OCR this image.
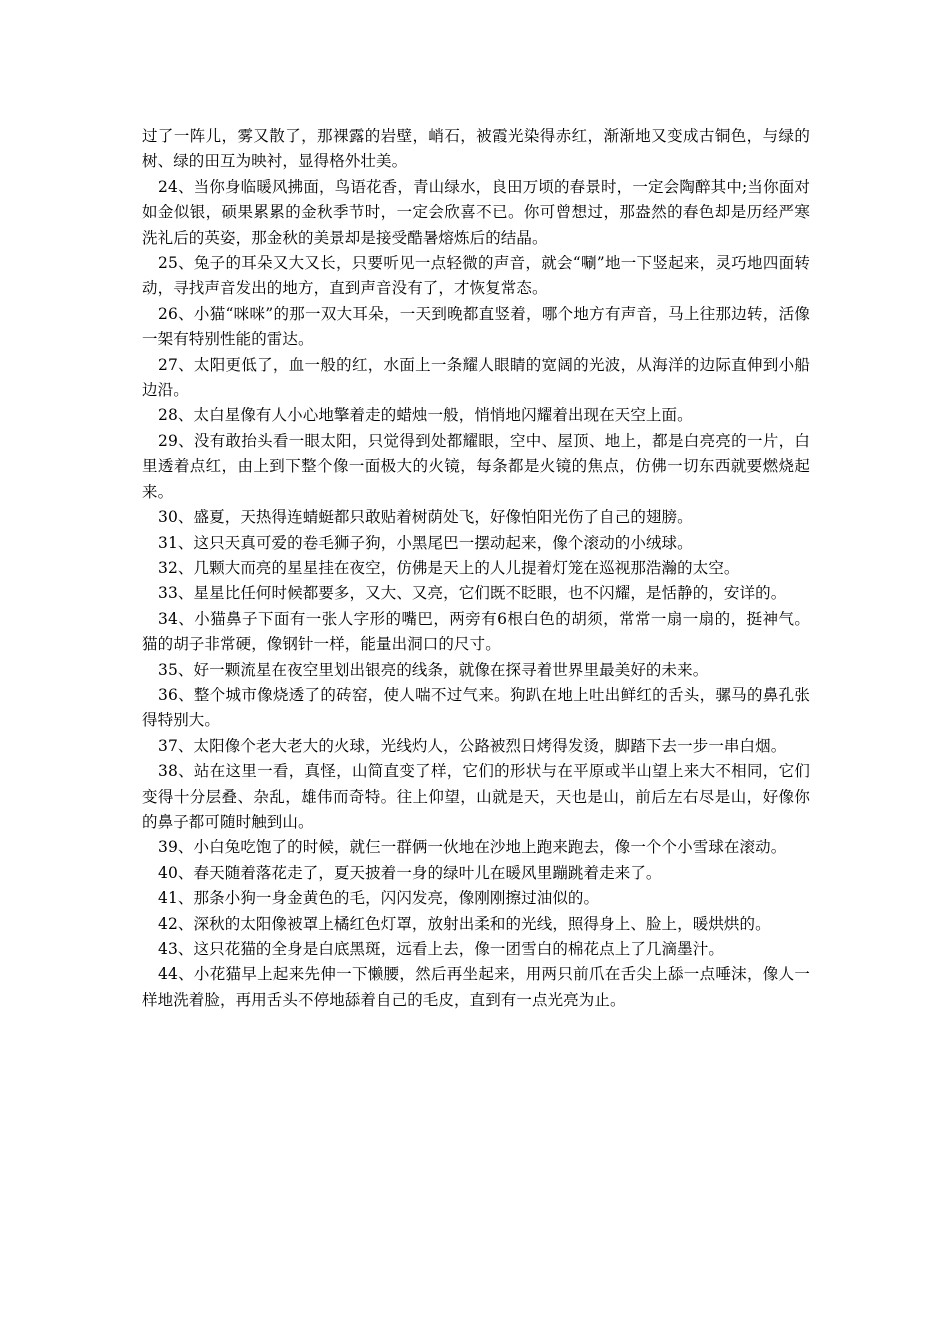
过了一阵儿，雾又散了，那裸露的岩壁，峭石，被霞光染得赤红，渐渐地又变成古铜色，与绿的树、绿的田互为映衬，显得格外壮美。

24、当你身临暖风拂面，鸟语花香，青山绿水，良田万顷的春景时，一定会陶醉其中;当你面对如金似银，硕果累累的金秋季节时，一定会欣喜不已。你可曾想过，那盎然的春色却是历经严寒洗礼后的英姿，那金秋的美景却是接受酷暑熔炼后的结晶。

25、兔子的耳朵又大又长，只要听见一点轻微的声音，就会“唰”地一下竖起来，灵巧地四面转动，寻找声音发出的地方，直到声音没有了，才恢复常态。

26、小猫“咪咪”的那一双大耳朵，一天到晚都直竖着，哪个地方有声音，马上往那边转，活像一架有特别性能的雷达。

27、太阳更低了，血一般的红，水面上一条耀人眼睛的宽阔的光波，从海洋的边际直伸到小船边沿。

28、太白星像有人小心地擎着走的蜡烛一般，悄悄地闪耀着出现在天空上面。

29、没有敢抬头看一眼太阳，只觉得到处都耀眼，空中、屋顶、地上，都是白亮亮的一片，白里透着点红，由上到下整个像一面极大的火镜，每条都是火镜的焦点，仿佛一切东西就要燃烧起来。

30、盛夏，天热得连蜻蜓都只敢贴着树荫处飞，好像怕阳光伤了自己的翅膀。

31、这只天真可爱的卷毛狮子狗，小黑尾巴一摆动起来，像个滚动的小绒球。

32、几颗大而亮的星星挂在夜空，仿佛是天上的人儿提着灯笼在巡视那浩瀚的太空。

33、星星比任何时候都要多，又大、又亮，它们既不眨眼，也不闪耀，是恬静的，安详的。

34、小猫鼻子下面有一张人字形的嘴巴，两旁有6根白色的胡须，常常一扇一扇的，挺神气。猫的胡子非常硬，像钢针一样，能量出洞口的尺寸。

35、好一颗流星在夜空里划出银亮的线条，就像在探寻着世界里最美好的未来。

36、整个城市像烧透了的砖窑，使人喘不过气来。狗趴在地上吐出鲜红的舌头，骡马的鼻孔张得特别大。

37、太阳像个老大老大的火球，光线灼人，公路被烈日烤得发烫，脚踏下去一步一串白烟。

38、站在这里一看，真怪，山简直变了样，它们的形状与在平原或半山望上来大不相同，它们变得十分层叠、杂乱，雄伟而奇特。往上仰望，山就是天，天也是山，前后左右尽是山，好像你的鼻子都可随时触到山。

39、小白兔吃饱了的时候，就仨一群俩一伙地在沙地上跑来跑去，像一个个小雪球在滚动。

40、春天随着落花走了，夏天披着一身的绿叶儿在暖风里蹦跳着走来了。

41、那条小狗一身金黄色的毛，闪闪发亮，像刚刚擦过油似的。

42、深秋的太阳像被罩上橘红色灯罩，放射出柔和的光线，照得身上、脸上，暖烘烘的。

43、这只花猫的全身是白底黑斑，远看上去，像一团雪白的棉花点上了几滴墨汁。

44、小花猫早上起来先伸一下懒腰，然后再坐起来，用两只前爪在舌尖上舔一点唾沫，像人一样地洗着脸，再用舌头不停地舔着自己的毛皮，直到有一点光亮为止。
